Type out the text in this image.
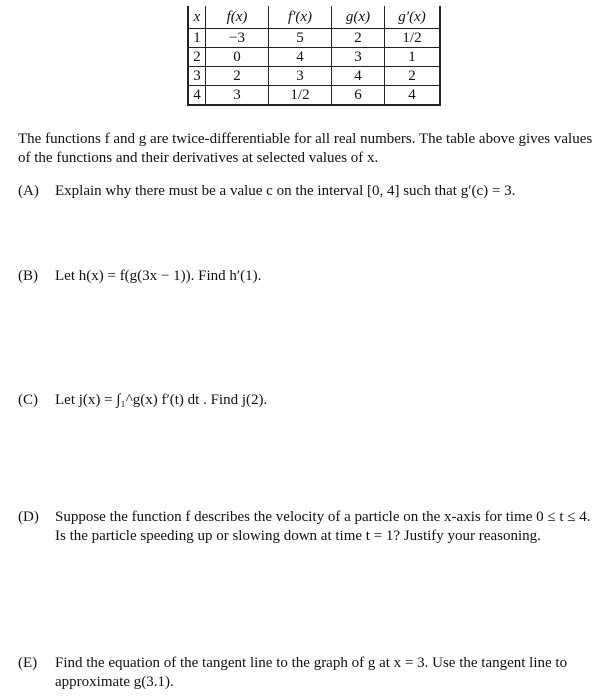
x	f(x)	f′(x)	g(x)	g′(x)
1	−3	5	2	1/2
2	0	4	3	1
3	2	3	4	2
4	3	1/2	6	4

The functions f and g are twice-differentiable for all real numbers. The table above gives values of the functions and their derivatives at selected values of x.

(A) Explain why there must be a value c on the interval [0, 4] such that g′(c) = 3.
(B) Let h(x) = f(g(3x − 1)). Find h′(1).
(C) Let j(x) = ∫₁^g(x) f′(t) dt . Find j(2).
(D) Suppose the function f describes the velocity of a particle on the x-axis for time 0 ≤ t ≤ 4. Is the particle speeding up or slowing down at time t = 1? Justify your reasoning.
(E) Find the equation of the tangent line to the graph of g at x = 3. Use the tangent line to approximate g(3.1).
